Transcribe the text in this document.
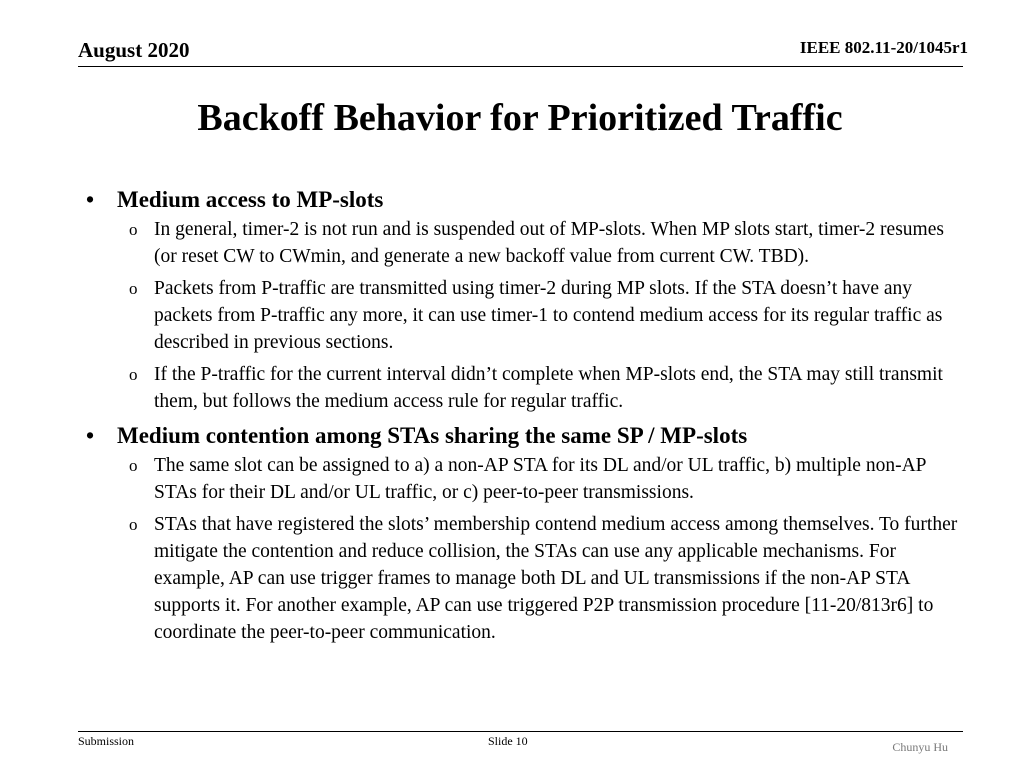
August 2020	IEEE 802.11-20/1045r1
Backoff Behavior for Prioritized Traffic
• Medium access to MP-slots
o In general, timer-2 is not run and is suspended out of MP-slots. When MP slots start, timer-2 resumes (or reset CW to CWmin, and generate a new backoff value from current CW. TBD).
o Packets from P-traffic are transmitted using timer-2 during MP slots. If the STA doesn’t have any packets from P-traffic any more, it can use timer-1 to contend medium access for its regular traffic as described in previous sections.
o If the P-traffic for the current interval didn’t complete when MP-slots end, the STA may still transmit them, but follows the medium access rule for regular traffic.
• Medium contention among STAs sharing the same SP / MP-slots
o The same slot can be assigned to a) a non-AP STA for its DL and/or UL traffic, b) multiple non-AP STAs for their DL and/or UL traffic, or c) peer-to-peer transmissions.
o STAs that have registered the slots’ membership contend medium access among themselves. To further mitigate the contention and reduce collision, the STAs can use any applicable mechanisms. For example, AP can use trigger frames to manage both DL and UL transmissions if the non-AP STA supports it. For another example, AP can use triggered P2P transmission procedure [11-20/813r6] to coordinate the peer-to-peer communication.
Submission	Slide 10	Chunyu Hu
